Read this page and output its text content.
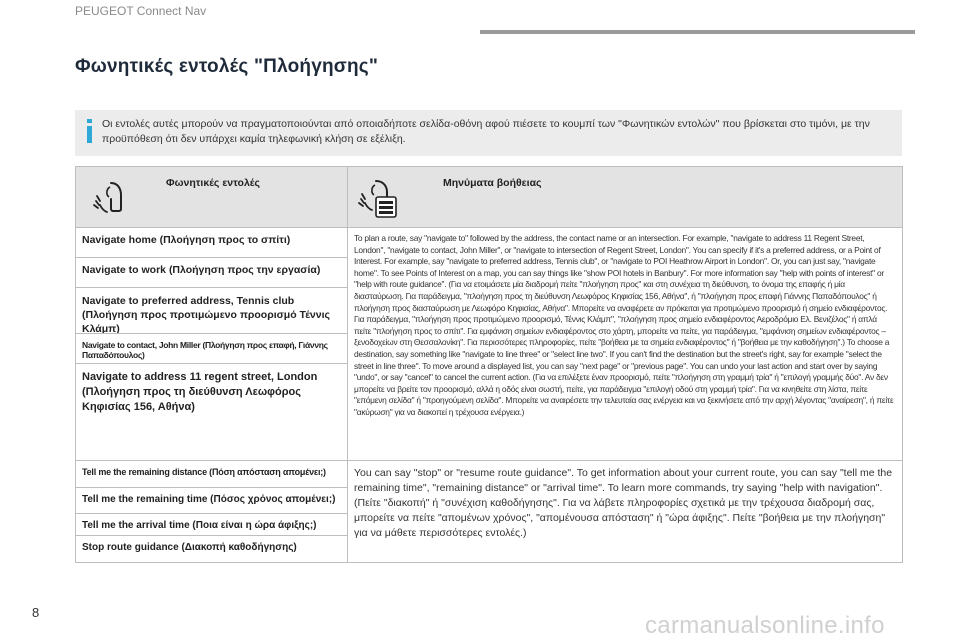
PEUGEOT Connect Nav
Φωνητικές εντολές "Πλοήγησης"
Οι εντολές αυτές μπορούν να πραγματοποιούνται από οποιαδήποτε σελίδα-οθόνη αφού πιέσετε το κουμπί των "Φωνητικών εντολών" που βρίσκεται στο τιμόνι, με την προϋπόθεση ότι δεν υπάρχει καμία τηλεφωνική κλήση σε εξέλιξη.
Φωνητικές εντολές	Μηνύματα βοήθειας
Navigate home (Πλοήγηση προς το σπίτι)
Navigate to work (Πλοήγηση προς την εργασία)
Navigate to preferred address, Tennis club (Πλοήγηση προς προτιμώμενο προορισμό Τέννις Κλάμπ)
Navigate to contact, John Miller (Πλοήγηση προς επαφή, Γιάννης Παπαδόπουλος)
Navigate to address 11 regent street, London (Πλοήγηση προς τη διεύθυνση Λεωφόρος Κηφισίας 156, Αθήνα)
Tell me the remaining distance (Πόση απόσταση απομένει;)
Tell me the remaining time (Πόσος χρόνος απομένει;)
Tell me the arrival time (Ποια είναι η ώρα άφιξης;)
Stop route guidance (Διακοπή καθοδήγησης)
To plan a route, say "navigate to" followed by the address, the contact name or an intersection. For example, "navigate to address 11 Regent Street, London", "navigate to contact, John Miller", or "navigate to intersection of Regent Street, London". You can specify if it's a preferred address, or a Point of Interest. For example, say "navigate to preferred address, Tennis club", or "navigate to POI Heathrow Airport in London". Or, you can just say, "navigate home". To see Points of Interest on a map, you can say things like "show POI hotels in Banbury". For more information say "help with points of interest" or "help with route guidance". (Για να ετοιμάσετε μία διαδρομή πείτε "πλοήγηση προς" και στη συνέχεια τη διεύθυνση, το όνομα της επαφής ή μία διασταύρωση. Για παράδειγμα, "πλοήγηση προς τη διεύθυνση Λεωφόρος Κηφισίας 156, Αθήνα", ή "πλοήγηση προς επαφή Γιάννης Παπαδόπουλος" ή πλοήγηση προς διασταύρωση με Λεωφόρο Κηφισίας, Αθήνα". Μπορείτε να αναφέρετε αν πρόκειται για προτιμώμενο προορισμό ή σημείο ενδιαφέροντος. Για παράδειγμα, "πλοήγηση προς προτιμώμενο προορισμό, Τέννις Κλάμπ", "πλοήγηση προς σημείο ενδιαφέροντος Αεροδρόμιο Ελ. Βενιζέλος" ή απλά πείτε "πλοήγηση προς το σπίτι". Για εμφάνιση σημείων ενδιαφέροντος στο χάρτη, μπορείτε να πείτε, για παράδειγμα, "εμφάνιση σημείων ενδιαφέροντος – ξενοδοχείων στη Θεσσαλονίκη". Για περισσότερες πληροφορίες, πείτε "βοήθεια με τα σημεία ενδιαφέροντος" ή "βοήθεια με την καθοδήγηση".) To choose a destination, say something like "navigate to line three" or "select line two". If you can't find the destination but the street's right, say for example "select the street in line three". To move around a displayed list, you can say "next page" or "previous page". You can undo your last action and start over by saying "undo", or say "cancel" to cancel the current action. (Για να επιλέξετε έναν προορισμό, πείτε "πλοήγηση στη γραμμή τρία" ή "επιλογή γραμμής δύο". Αν δεν μπορείτε να βρείτε τον προορισμό, αλλά η οδός είναι σωστή, πείτε, για παράδειγμα "επιλογή οδού στη γραμμή τρία". Για να κινηθείτε στη λίστα, πείτε "επόμενη σελίδα" ή "προηγούμενη σελίδα". Μπορείτε να αναιρέσετε την τελευταία σας ενέργεια και να ξεκινήσετε από την αρχή λέγοντας "αναίρεση", ή πείτε "ακύρωση" για να διακοπεί η τρέχουσα ενέργεια.)
You can say "stop" or "resume route guidance". To get information about your current route, you can say "tell me the remaining time", "remaining distance" or "arrival time". To learn more commands, try saying "help with navigation". (Πείτε "διακοπή" ή "συνέχιση καθοδήγησης". Για να λάβετε πληροφορίες σχετικά με την τρέχουσα διαδρομή σας, μπορείτε να πείτε "απομένων χρόνος", "απομένουσα απόσταση" ή "ώρα άφιξης". Πείτε "βοήθεια με την πλοήγηση" για να μάθετε περισσότερες εντολές.)
8	carmanualsonline.info
